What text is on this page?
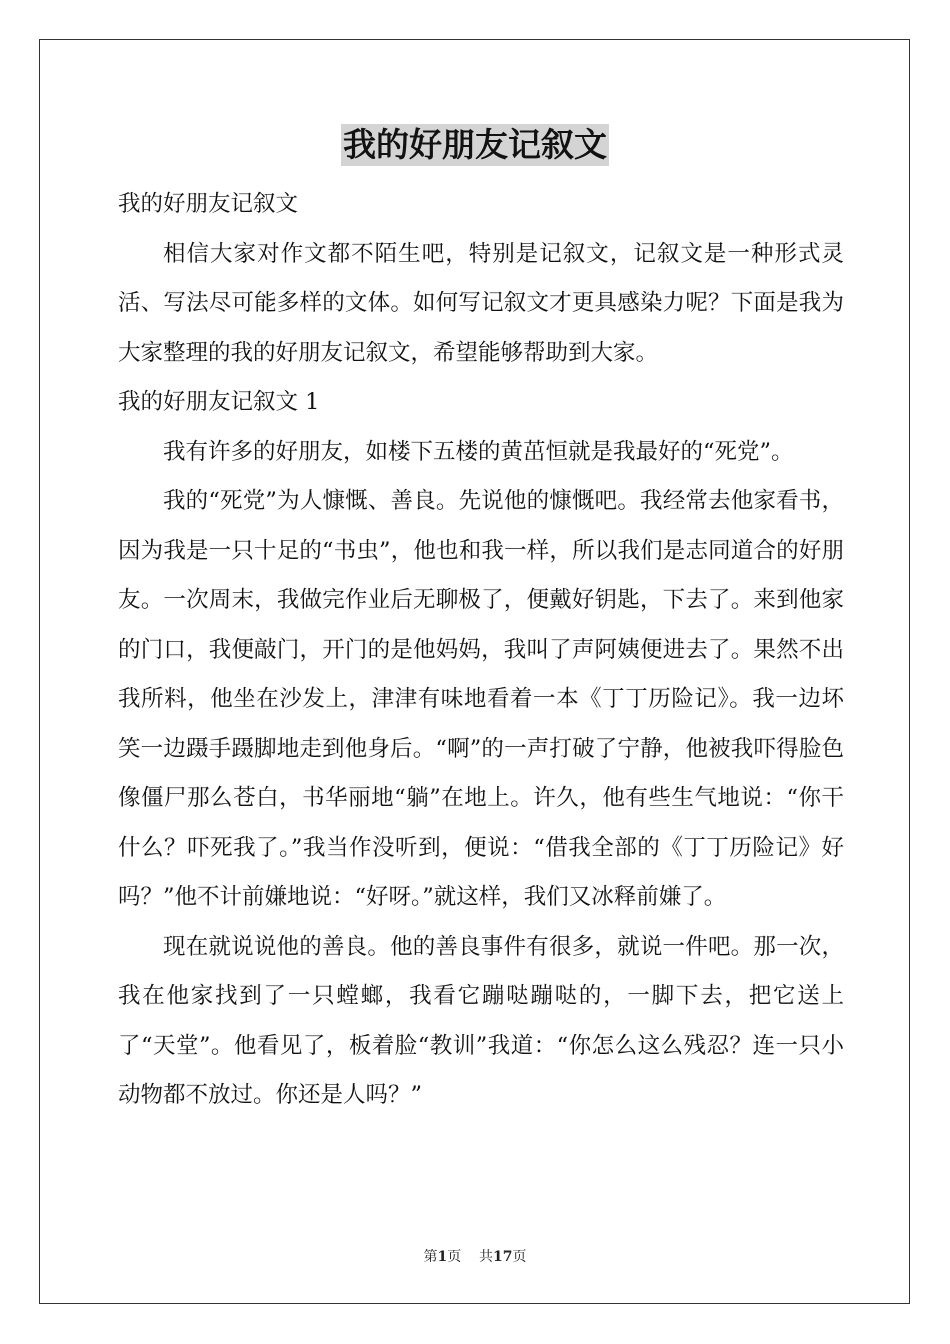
我的好朋友记叙文

我的好朋友记叙文

相信大家对作文都不陌生吧，特别是记叙文，记叙文是一种形式灵活、写法尽可能多样的文体。如何写记叙文才更具感染力呢？下面是我为大家整理的我的好朋友记叙文，希望能够帮助到大家。

我的好朋友记叙文 1

我有许多的好朋友，如楼下五楼的黄茁恒就是我最好的“死党”。

我的“死党”为人慷慨、善良。先说他的慷慨吧。我经常去他家看书，因为我是一只十足的“书虫”，他也和我一样，所以我们是志同道合的好朋友。一次周末，我做完作业后无聊极了，便戴好钥匙，下去了。来到他家的门口，我便敲门，开门的是他妈妈，我叫了声阿姨便进去了。果然不出我所料，他坐在沙发上，津津有味地看着一本《丁丁历险记》。我一边坏笑一边蹑手蹑脚地走到他身后。“啊”的一声打破了宁静，他被我吓得脸色像僵尸那么苍白，书华丽地“躺”在地上。许久，他有些生气地说：“你干什么？吓死我了。”我当作没听到，便说：“借我全部的《丁丁历险记》好吗？”他不计前嫌地说：“好呀。”就这样，我们又冰释前嫌了。

现在就说说他的善良。他的善良事件有很多，就说一件吧。那一次，我在他家找到了一只螳螂，我看它蹦哒蹦哒的，一脚下去，把它送上了“天堂”。他看见了，板着脸“教训”我道：“你怎么这么残忍？连一只小动物都不放过。你还是人吗？”

第1页 共17页
